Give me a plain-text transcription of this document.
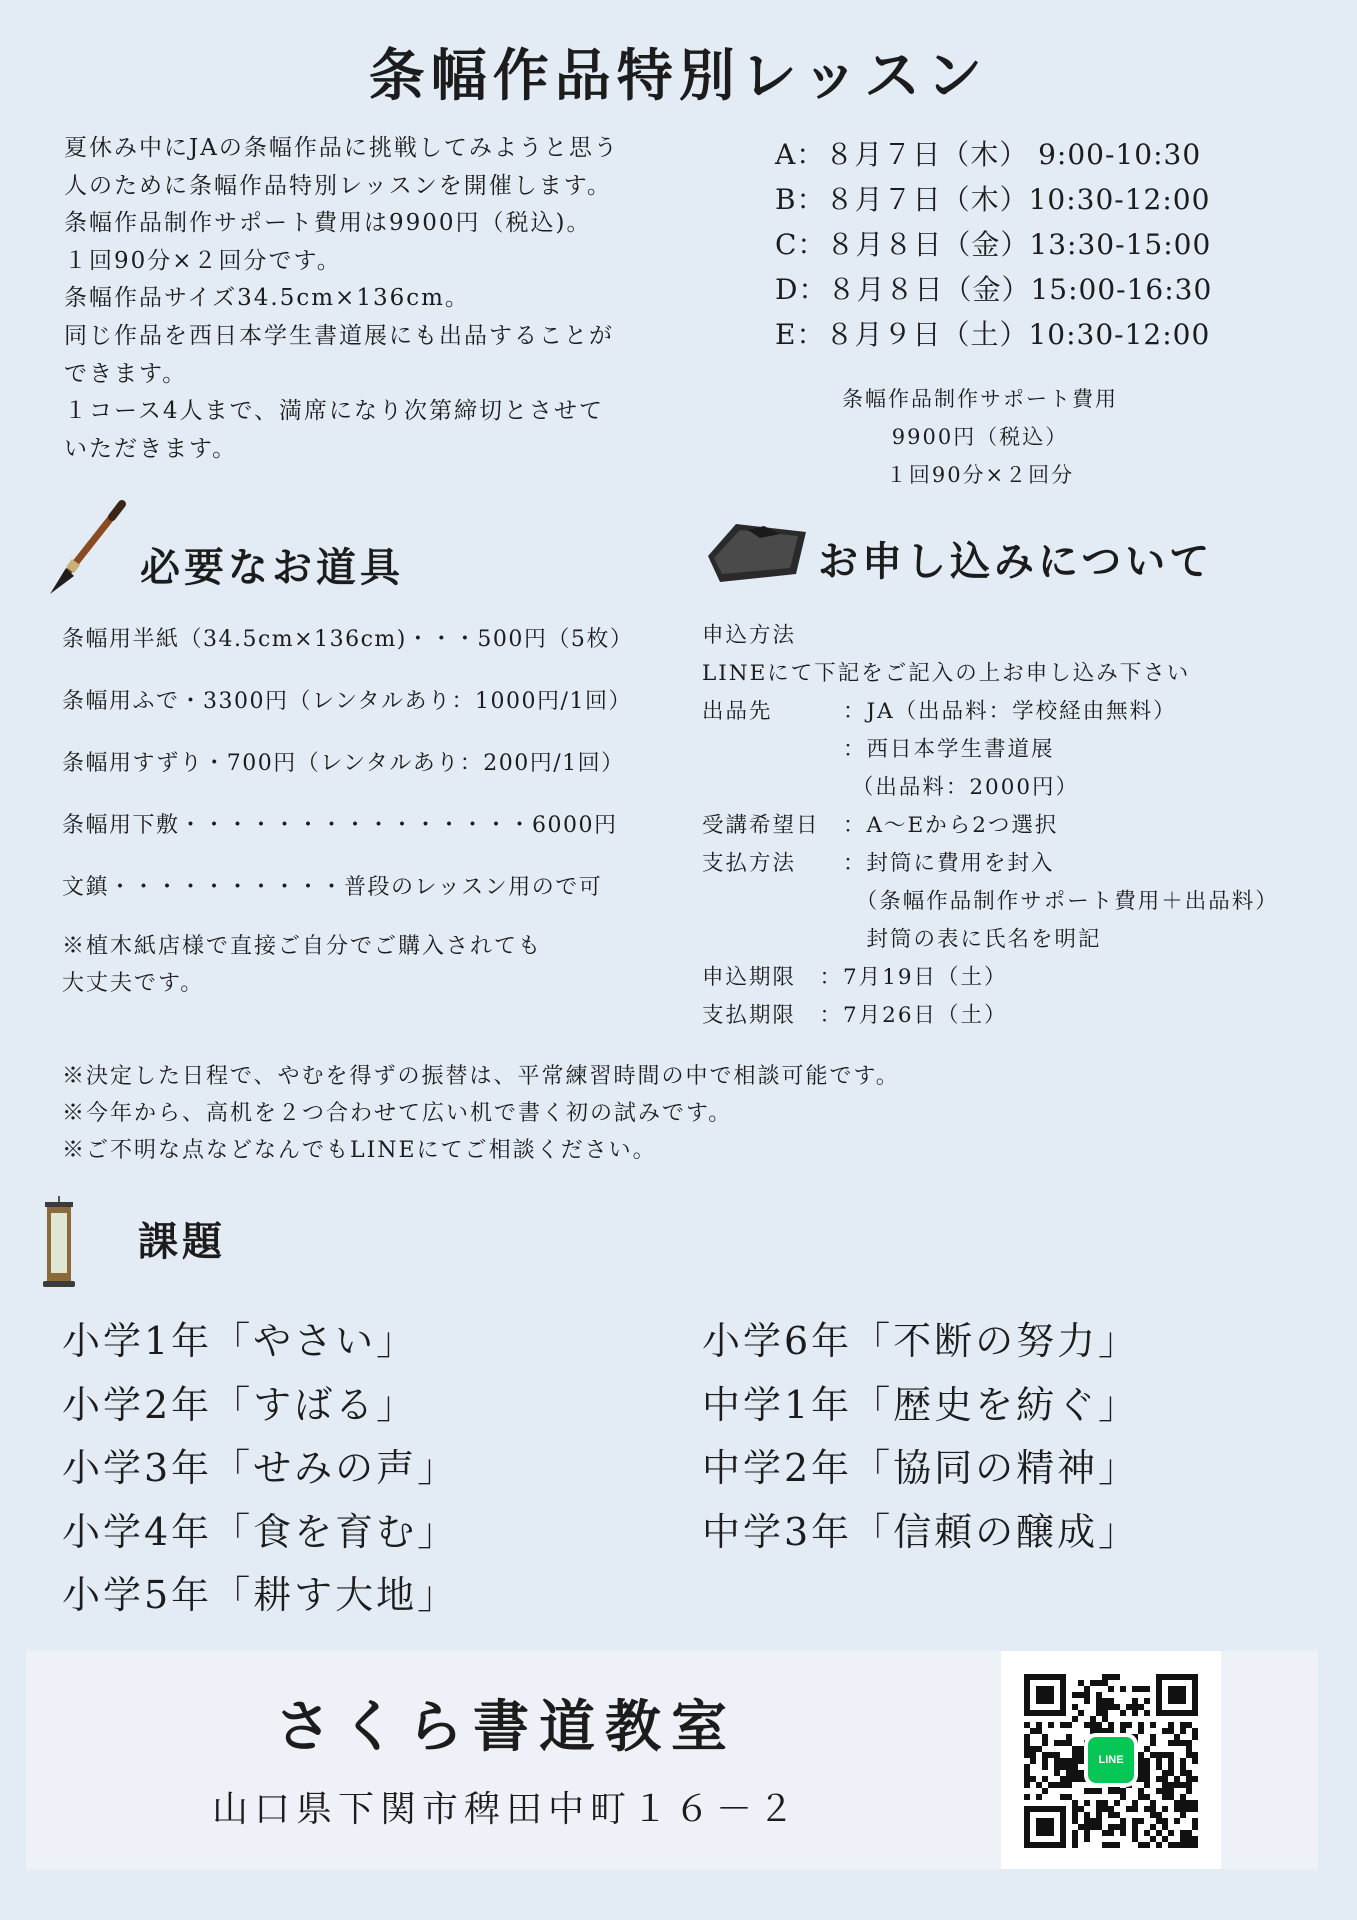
条幅作品特別レッスン

夏休み中にJAの条幅作品に挑戦してみようと思う

人のために条幅作品特別レッスンを開催します。

条幅作品制作サポート費用は9900円（税込)。

１回90分×２回分です。

条幅作品サイズ34.5cm×136cm。

同じ作品を西日本学生書道展にも出品することが

できます。

１コース4人まで、満席になり次第締切とさせて

いただきます。

A：８月７日（木） 9:00-10:30

B：８月７日（木）10:30-12:00

C：８月８日（金）13:30-15:00

D：８月８日（金）15:00-16:30

E：８月９日（土）10:30-12:00

条幅作品制作サポート費用

9900円（税込）

１回90分×２回分

必要なお道具	お申し込みについて
条幅用半紙（34.5cm×136cm)・・・500円（5枚）
条幅用ふで・3300円（レンタルあり：1000円/1回）
条幅用すずり・700円（レンタルあり：200円/1回）
条幅用下敷・・・・・・・・・・・・・・・6000円
文鎮・・・・・・・・・・普段のレッスン用ので可

※植木紙店様で直接ご自分でご購入されても

大丈夫です。

申込方法

LINEにて下記をご記入の上お申し込み下さい

出品先　　　：JA（出品料：学校経由無料）

　　　　　　：西日本学生書道展

　　　　　　 （出品料：2000円）

受講希望日　：A〜Eから2つ選択

支払方法　　：封筒に費用を封入

　　　　　　　（条幅作品制作サポート費用＋出品料）

　　　　　　　封筒の表に氏名を明記

申込期限　：7月19日（土）

支払期限　：7月26日（土）

※決定した日程で、やむを得ずの振替は、平常練習時間の中で相談可能です。

※今年から、高机を２つ合わせて広い机で書く初の試みです。

※ご不明な点などなんでもLINEにてご相談ください。

課題

小学1年「やさい」

小学2年「すばる」

小学3年「せみの声」

小学4年「食を育む」

小学5年「耕す大地」

小学6年「不断の努力」

中学1年「歴史を紡ぐ」

中学2年「協同の精神」

中学3年「信頼の醸成」

さくら書道教室
山口県下関市稗田中町１６－２
LINE
